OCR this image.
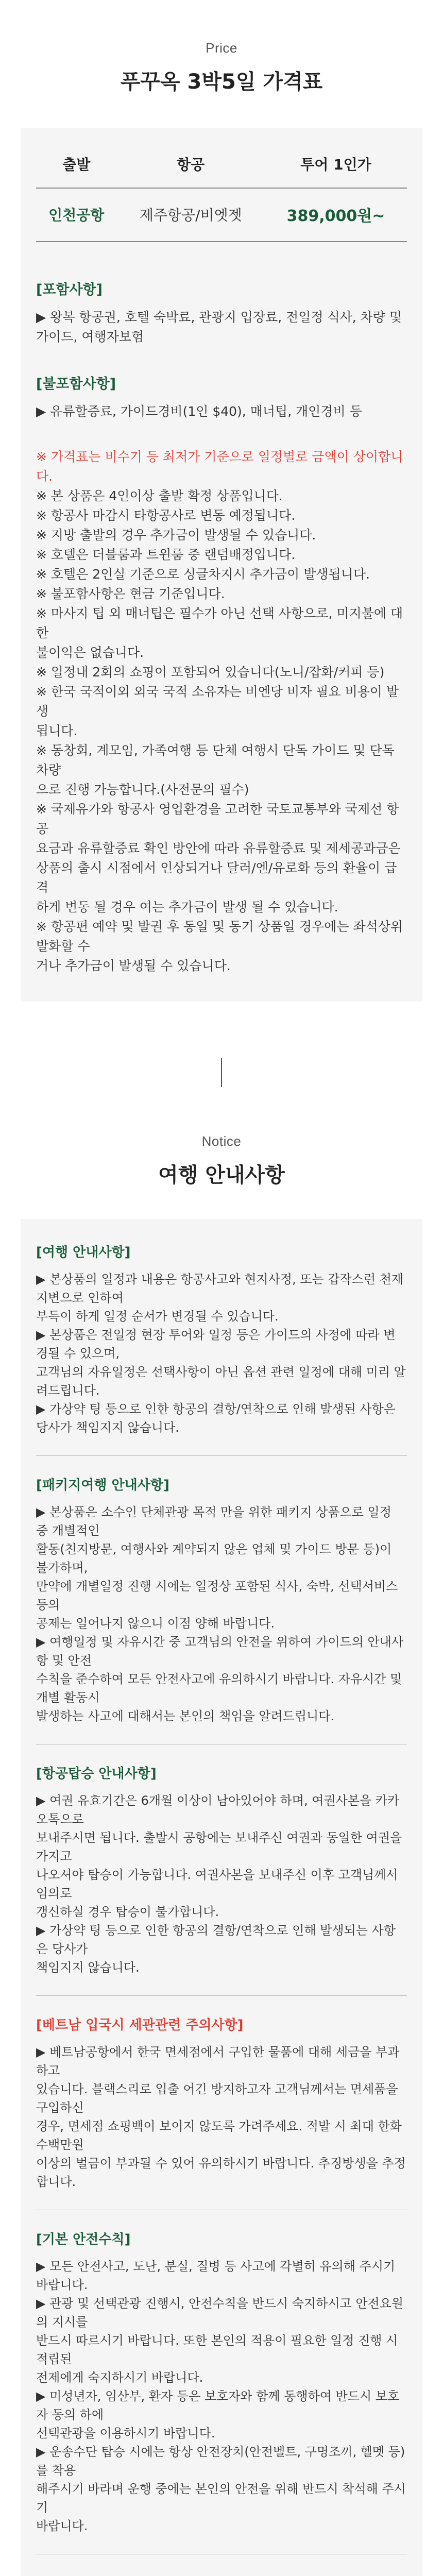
Price
푸꾸옥 3박5일 가격표
출발	항공	투어 1인가
인천공항	제주항공/비엣젯	389,000원~
[포함사항]
▶ 왕복 항공권, 호텔 숙박료, 관광지 입장료, 전일정 식사, 차량 및
가이드, 여행자보험
[불포함사항]
▶ 유류할증료, 가이드경비(1인 $40), 매너팁, 개인경비 등
※ 가격표는 비수기 등 최저가 기준으로 일정별로 금액이 상이합니다.
※ 본 상품은 4인이상 출발 확정 상품입니다.
※ 항공사 마감시 타항공사로 변동 예정됩니다.
※ 지방 출발의 경우 추가금이 발생될 수 있습니다.
※ 호텔은 더블룸과 트윈룸 중 랜덤배정입니다.
※ 호텔은 2인실 기준으로 싱글차지시 추가금이 발생됩니다.
※ 불포함사항은 현금 기준입니다.
※ 마사지 팁 외 매너팁은 필수가 아닌 선택 사항으로, 미지불에 대한
불이익은 없습니다.
※ 일정내 2회의 쇼핑이 포함되어 있습니다(노니/잡화/커피 등)
※ 한국 국적이외 외국 국적 소유자는 비엔당 비자 필요 비용이 발생
됩니다.
※ 동창회, 계모임, 가족여행 등 단체 여행시 단독 가이드 및 단독 차량
으로 진행 가능합니다.(사전문의 필수)
※ 국제유가와 항공사 영업환경을 고려한 국토교통부와 국제선 항공
요금과 유류할증료 확인 방안에 따라 유류할증료 및 제세공과금은
상품의 출시 시점에서 인상되거나 달러/엔/유로화 등의 환율이 급격
하게 변동 될 경우 여는 추가금이 발생 될 수 있습니다.
※ 항공편 예약 및 발권 후 동일 및 동기 상품일 경우에는 좌석상위 발화할 수
거나 추가금이 발생될 수 있습니다.
Notice
여행 안내사항
[여행 안내사항]
▶ 본상품의 일정과 내용은 항공사고와 현지사정, 또는 갑작스런 천재지변으로 인하여
부득이 하게 일정 순서가 변경될 수 있습니다.
▶ 본상품은 전일정 현장 투어와 일정 등은 가이드의 사정에 따라 변경될 수 있으며,
고객님의 자유일정은 선택사항이 아닌 옵션 관련 일정에 대해 미리 알려드립니다.
▶ 가상약 팅 등으로 인한 항공의 결항/연착으로 인해 발생된 사항은 당사가 책임지지 않습니다.
[패키지여행 안내사항]
▶ 본상품은 소수인 단체관광 목적 만을 위한 패키지 상품으로 일정 중 개별적인
활동(친지방문, 여행사와 계약되지 않은 업체 및 가이드 방문 등)이 불가하며,
만약에 개별일정 진행 시에는 일정상 포함된 식사, 숙박, 선택서비스 등의
공제는 일어나지 않으니 이점 양해 바랍니다.
▶ 여행일정 및 자유시간 중 고객님의 안전을 위하여 가이드의 안내사항 및 안전
수칙을 준수하여 모든 안전사고에 유의하시기 바랍니다. 자유시간 및 개별 활동시
발생하는 사고에 대해서는 본인의 책임을 알려드립니다.
[항공탑승 안내사항]
▶ 여권 유효기간은 6개월 이상이 남아있어야 하며, 여권사본을 카카오톡으로
보내주시면 됩니다. 출발시 공항에는 보내주신 여권과 동일한 여권을 가지고
나오셔야 탑승이 가능합니다. 여권사본을 보내주신 이후 고객님께서 임의로
갱신하실 경우 탑승이 불가합니다.
▶ 가상약 팅 등으로 인한 항공의 결항/연착으로 인해 발생되는 사항은 당사가
책임지지 않습니다.
[베트남 입국시 세관관련 주의사항]
▶ 베트남공항에서 한국 면세점에서 구입한 물품에 대해 세금을 부과 하고
있습니다. 블랙스리로 입출 어긴 방지하고자 고객님께서는 면세품을 구입하신
경우, 면세점 쇼핑백이 보이지 않도록 가려주세요. 적발 시 최대 한화 수백만원
이상의 벌금이 부과될 수 있어 유의하시기 바랍니다. 추징방생을 추정합니다.
[기본 안전수칙]
▶ 모든 안전사고, 도난, 분실, 질병 등 사고에 각별히 유의해 주시기 바랍니다.
▶ 관광 및 선택관광 진행시, 안전수칙을 반드시 숙지하시고 안전요원의 지시를
반드시 따르시기 바랍니다. 또한 본인의 적용이 필요한 일정 진행 시 적립된
전제에게 숙지하시기 바랍니다.
▶ 미성년자, 임산부, 환자 등은 보호자와 함께 동행하여 반드시 보호자 동의 하에
선택관광을 이용하시기 바랍니다.
▶ 운송수단 탑승 시에는 항상 안전장치(안전벨트, 구명조끼, 헬멧 등)를 착용
해주시기 바라며 운행 중에는 본인의 안전을 위해 반드시 착석해 주시기
바랍니다.
